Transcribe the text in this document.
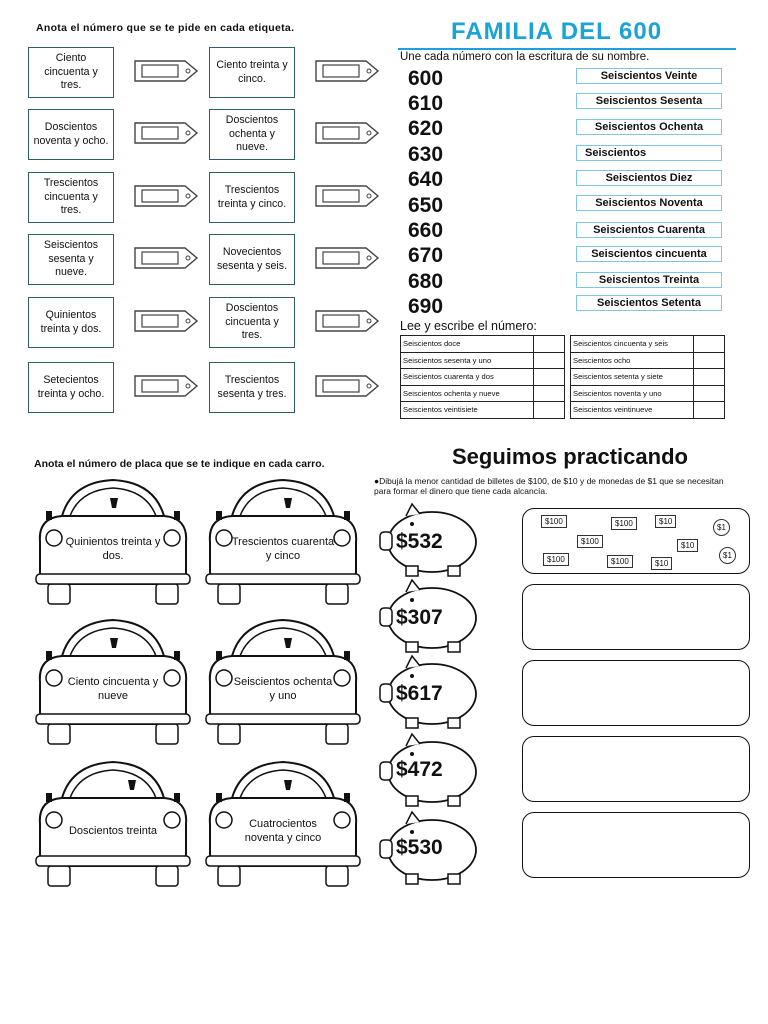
Anota el número que se te pide en cada etiqueta.
Ciento cincuenta y tres.
Ciento treinta y cinco.
Doscientos noventa y ocho.
Doscientos ochenta y nueve.
Trescientos cincuenta y tres.
Trescientos treinta y cinco.
Seiscientos sesenta y nueve.
Novecientos sesenta y seis.
Quinientos treinta y dos.
Doscientos cincuenta y tres.
Setecientos treinta y ocho.
Trescientos sesenta y tres.
FAMILIA DEL 600
Une cada número con la escritura de su nombre.
600
610
620
630
640
650
660
670
680
690
Seiscientos Veinte
Seiscientos Sesenta
Seiscientos Ochenta
Seiscientos
Seiscientos Diez
Seiscientos Noventa
Seiscientos Cuarenta
Seiscientos cincuenta
Seiscientos Treinta
Seiscientos Setenta
Lee y escribe el número:
Seiscientos doce	
Seiscientos sesenta y uno	
Seiscientos cuarenta y dos	
Seiscientos ochenta y nueve	
Seiscientos veintisiete	
Seiscientos cincuenta y seis	
Seiscientos ocho	
Seiscientos setenta y siete	
Seiscientos noventa y uno	
Seiscientos veintinueve	
Anota el número de placa que se te indique en cada carro.
Quinientos treinta y dos.
Trescientos cuarenta y cinco
Ciento cincuenta y nueve
Seiscientos ochenta y uno
Doscientos treinta
Cuatrocientos noventa y cinco
Seguimos practicando
●Dibujá la menor cantidad de billetes de $100, de $10 y de monedas de $1 que se necesitan para formar el dinero que tiene cada alcancía.
$532
$307
$617
$472
$530
$100	$100	$10
$100	$10
$100	$100	$10
$1
$1
